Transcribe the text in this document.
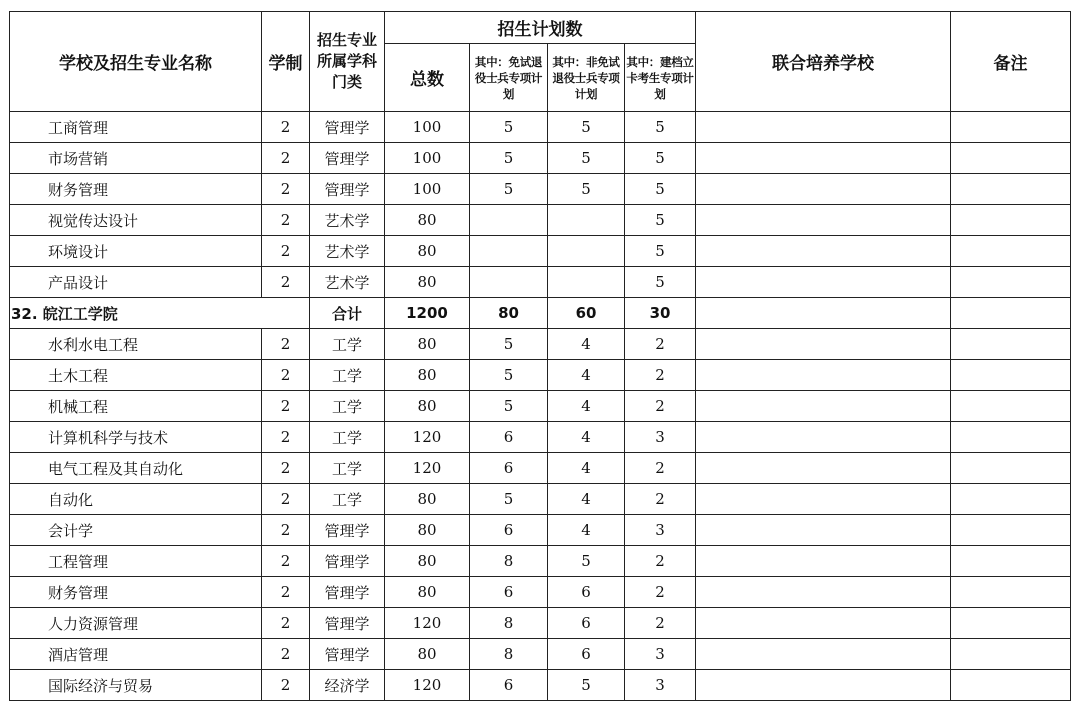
学校及招生专业名称	学制	招生专业所属学科门类	招生计划数				联合培养学校	备注
			总数	其中：免试退役士兵专项计划	其中：非免试退役士兵专项计划	其中：建档立卡考生专项计划		
工商管理	2	管理学	100	5	5	5		
市场营销	2	管理学	100	5	5	5		
财务管理	2	管理学	100	5	5	5		
视觉传达设计	2	艺术学	80			5		
环境设计	2	艺术学	80			5		
产品设计	2	艺术学	80			5		
32. 皖江工学院		合计	1200	80	60	30		
水利水电工程	2	工学	80	5	4	2		
土木工程	2	工学	80	5	4	2		
机械工程	2	工学	80	5	4	2		
计算机科学与技术	2	工学	120	6	4	3		
电气工程及其自动化	2	工学	120	6	4	2		
自动化	2	工学	80	5	4	2		
会计学	2	管理学	80	6	4	3		
工程管理	2	管理学	80	8	5	2		
财务管理	2	管理学	80	6	6	2		
人力资源管理	2	管理学	120	8	6	2		
酒店管理	2	管理学	80	8	6	3		
国际经济与贸易	2	经济学	120	6	5	3		
